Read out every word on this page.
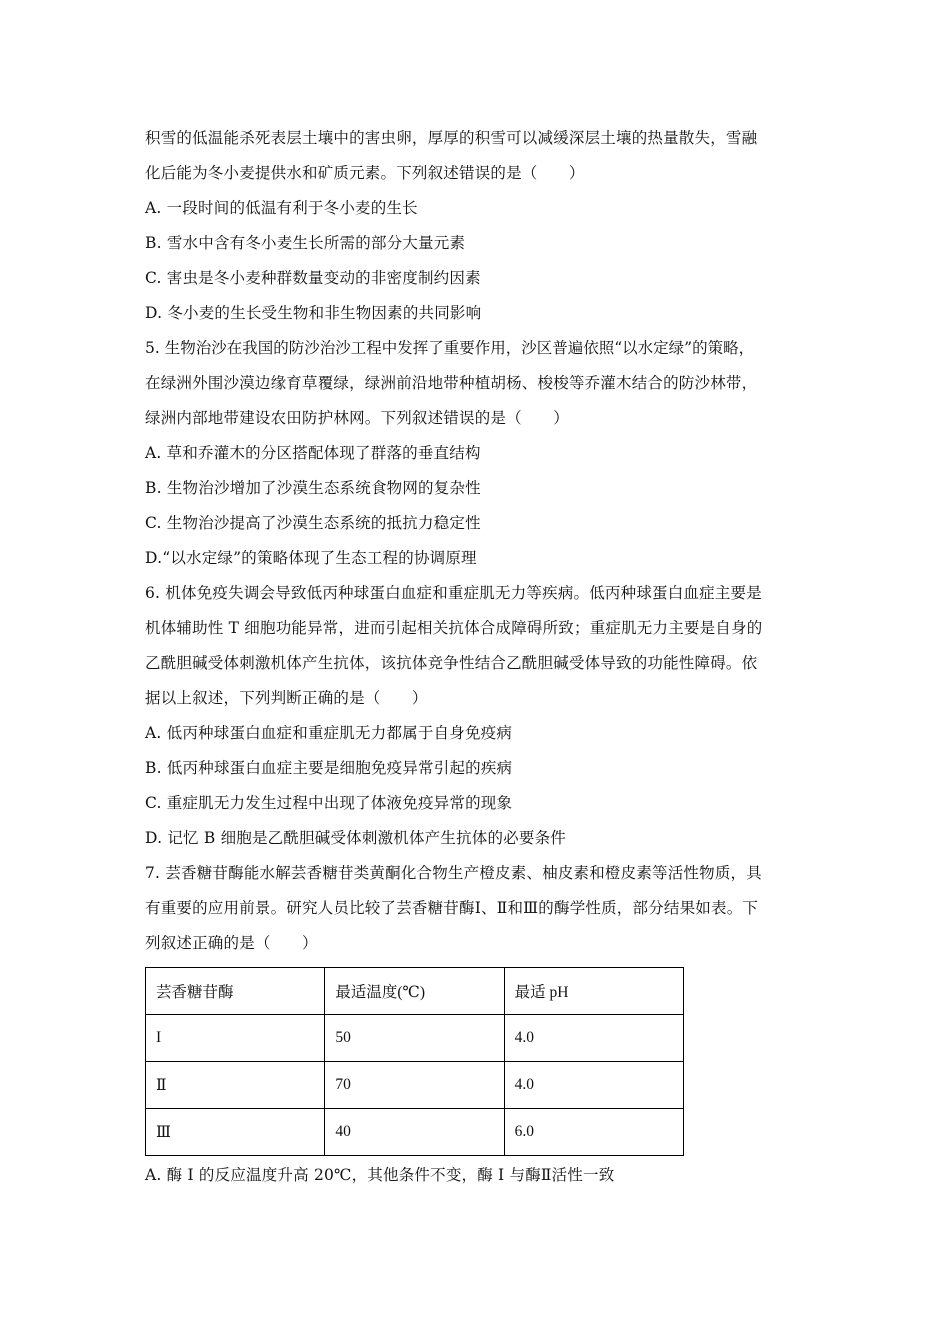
积雪的低温能杀死表层土壤中的害虫卵，厚厚的积雪可以减缓深层土壤的热量散失，雪融
化后能为冬小麦提供水和矿质元素。下列叙述错误的是（　　）
A. 一段时间的低温有利于冬小麦的生长
B. 雪水中含有冬小麦生长所需的部分大量元素
C. 害虫是冬小麦种群数量变动的非密度制约因素
D. 冬小麦的生长受生物和非生物因素的共同影响
5. 生物治沙在我国的防沙治沙工程中发挥了重要作用，沙区普遍依照“以水定绿”的策略，
在绿洲外围沙漠边缘育草覆绿，绿洲前沿地带种植胡杨、梭梭等乔灌木结合的防沙林带，
绿洲内部地带建设农田防护林网。下列叙述错误的是（　　）
A. 草和乔灌木的分区搭配体现了群落的垂直结构
B. 生物治沙增加了沙漠生态系统食物网的复杂性
C. 生物治沙提高了沙漠生态系统的抵抗力稳定性
D.“以水定绿”的策略体现了生态工程的协调原理
6. 机体免疫失调会导致低丙种球蛋白血症和重症肌无力等疾病。低丙种球蛋白血症主要是
机体辅助性 T 细胞功能异常，进而引起相关抗体合成障碍所致；重症肌无力主要是自身的
乙酰胆碱受体刺激机体产生抗体，该抗体竞争性结合乙酰胆碱受体导致的功能性障碍。依
据以上叙述，下列判断正确的是（　　）
A. 低丙种球蛋白血症和重症肌无力都属于自身免疫病
B. 低丙种球蛋白血症主要是细胞免疫异常引起的疾病
C. 重症肌无力发生过程中出现了体液免疫异常的现象
D. 记忆 B 细胞是乙酰胆碱受体刺激机体产生抗体的必要条件
7. 芸香糖苷酶能水解芸香糖苷类黄酮化合物生产橙皮素、柚皮素和橙皮素等活性物质，具
有重要的应用前景。研究人员比较了芸香糖苷酶Ⅰ、Ⅱ和Ⅲ的酶学性质，部分结果如表。下
列叙述正确的是（　　）
芸香糖苷酶	最适温度(℃)	最适 pH
I	50	4.0
Ⅱ	70	4.0
Ⅲ	40	6.0
A. 酶 I 的反应温度升高 20℃，其他条件不变，酶 I 与酶Ⅱ活性一致
